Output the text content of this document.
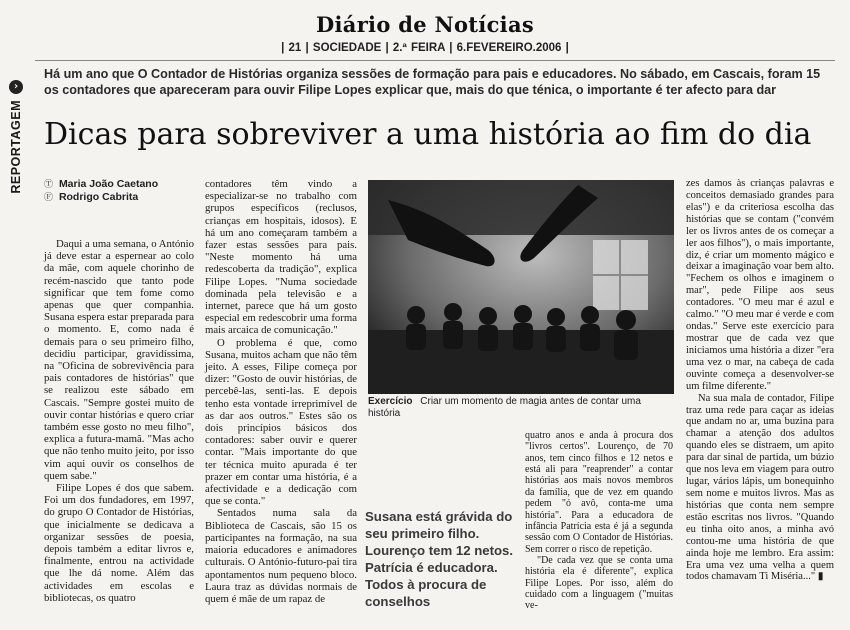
Diário de Notícias
| 21 | SOCIEDADE | 2.ª FEIRA | 6.FEVEREIRO.2006 |
›
REPORTAGEM
Há um ano que O Contador de Histórias organiza sessões de formação para pais e educadores. No sábado, em Cascais, foram 15 os contadores que apareceram para ouvir Filipe Lopes explicar que, mais do que ténica, o importante é ter afecto para dar
Dicas para sobreviver a uma história ao fim do dia
Ⓣ Maria João Caetano
Ⓕ Rodrigo Cabrita

Daqui a uma semana, o António já deve estar a espernear ao colo da mãe, com aquele chorinho de recém-nascido que tanto pode significar que tem fome como apenas que quer companhia. Susana espera estar preparada para o momento. E, como nada é demais para o seu primeiro filho, decidiu participar, gravidíssima, na "Oficina de sobrevivência para pais contadores de histórias" que se realizou este sábado em Cascais. "Sempre gostei muito de ouvir contar histórias e quero criar também esse gosto no meu filho", explica a futura-mamã. "Mas acho que não tenho muito jeito, por isso vim aqui ouvir os conselhos de quem sabe."

Filipe Lopes é dos que sabem. Foi um dos fundadores, em 1997, do grupo O Contador de Histórias, que inicialmente se dedicava a organizar sessões de poesia, depois também a editar livros e, finalmente, entrou na actividade que lhe dá nome. Além das actividades em escolas e bibliotecas, os quatro

contadores têm vindo a especializar-se no trabalho com grupos específicos (reclusos, crianças em hospitais, idosos). E há um ano começaram também a fazer estas sessões para pais. "Neste momento há uma redescoberta da tradição", explica Filipe Lopes. "Numa sociedade dominada pela televisão e a internet, parece que há um gosto especial em redescobrir uma forma mais arcaica de comunicação."

O problema é que, como Susana, muitos acham que não têm jeito. A esses, Filipe começa por dizer: "Gosto de ouvir histórias, de percebê-las, senti-las. E depois tenho esta vontade irreprimível de as dar aos outros." Estes são os dois princípios básicos dos contadores: saber ouvir e querer contar. "Mais importante do que ter técnica muito apurada é ter prazer em contar uma história, é a afectividade e a dedicação com que se conta."

Sentados numa sala da Biblioteca de Cascais, são 15 os participantes na formação, na sua maioria educadores e animadores culturais. O António-futuro-pai tira apontamentos num pequeno bloco. Laura traz as dúvidas normais de quem é mãe de um rapaz de

Exercício Criar um momento de magia antes de contar uma história
Susana está grávida do seu primeiro filho. Lourenço tem 12 netos. Patrícia é educadora. Todos à procura de conselhos

quatro anos e anda à procura dos "livros certos". Lourenço, de 70 anos, tem cinco filhos e 12 netos e está ali para "reaprender" a contar histórias aos mais novos membros da família, que de vez em quando pedem "ó avô, conta-me uma história". Para a educadora de infância Patrícia esta é já a segunda sessão com O Contador de Histórias. Sem correr o risco de repetição.

"De cada vez que se conta uma história ela é diferente", explica Filipe Lopes. Por isso, além do cuidado com a linguagem ("muitas ve-

zes damos às crianças palavras e conceitos demasiado grandes para elas") e da criteriosa escolha das histórias que se contam ("convém ler os livros antes de os começar a ler aos filhos"), o mais importante, diz, é criar um momento mágico e deixar a imaginação voar bem alto. "Fechem os olhos e imaginem o mar", pede Filipe aos seus contadores. "O meu mar é azul e calmo." "O meu mar é verde e com ondas." Serve este exercício para mostrar que de cada vez que iniciamos uma história a dizer "era uma vez o mar, na cabeça de cada ouvinte começa a desenvolver-se um filme diferente."

Na sua mala de contador, Filipe traz uma rede para caçar as ideias que andam no ar, uma buzina para chamar a atenção dos adultos quando eles se distraem, um apito para dar sinal de partida, um búzio que nos leva em viagem para outro lugar, vários lápis, um bonequinho sem nome e muitos livros. Mas as histórias que conta nem sempre estão escritas nos livros. "Quando eu tinha oito anos, a minha avó contou-me uma história de que ainda hoje me lembro. Era assim: Era uma vez uma velha a quem todos chamavam Ti Miséria..." ▮
